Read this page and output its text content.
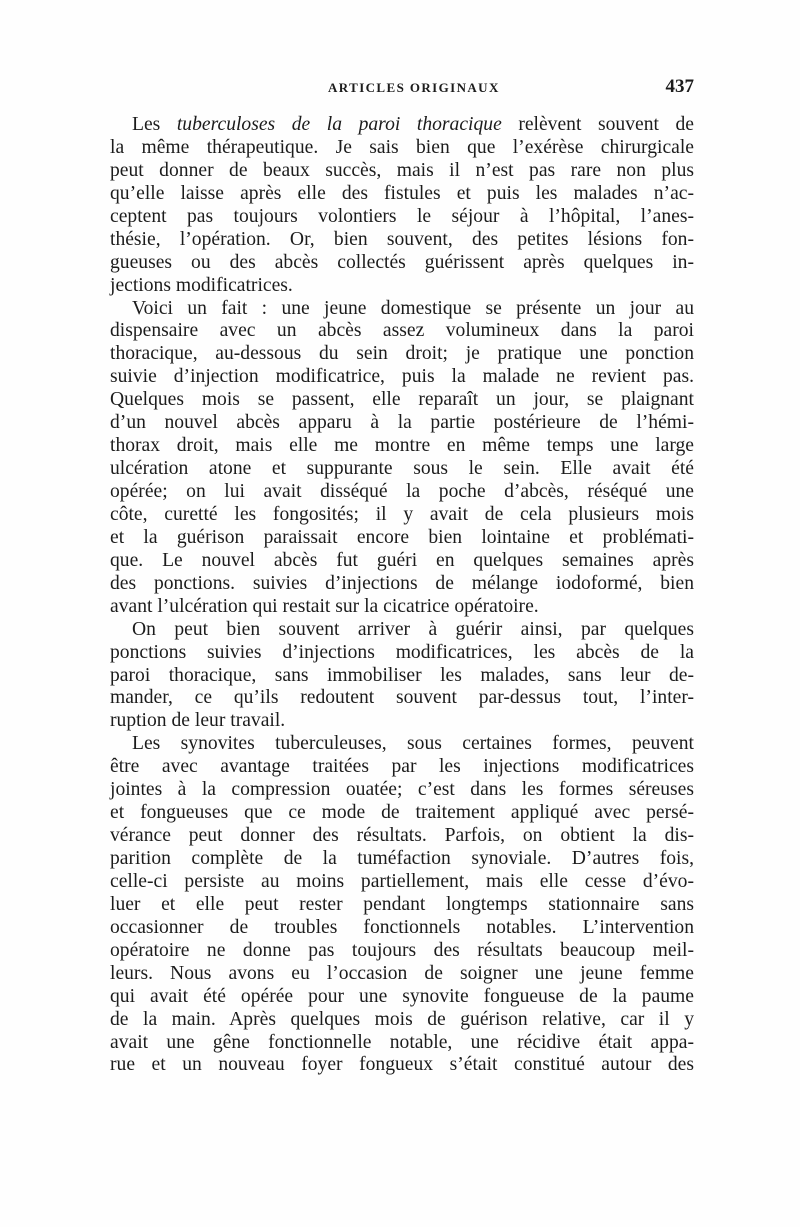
ARTICLES ORIGINAUX	437
Les tuberculoses de la paroi thoracique relèvent souvent de
la même thérapeutique. Je sais bien que l’exérèse chirurgicale
peut donner de beaux succès, mais il n’est pas rare non plus
qu’elle laisse après elle des fistules et puis les malades n’ac-
ceptent pas toujours volontiers le séjour à l’hôpital, l’anes-
thésie, l’opération. Or, bien souvent, des petites lésions fon-
gueuses ou des abcès collectés guérissent après quelques in-
jections modificatrices.
Voici un fait : une jeune domestique se présente un jour au
dispensaire avec un abcès assez volumineux dans la paroi
thoracique, au-dessous du sein droit; je pratique une ponction
suivie d’injection modificatrice, puis la malade ne revient pas.
Quelques mois se passent, elle reparaît un jour, se plaignant
d’un nouvel abcès apparu à la partie postérieure de l’hémi-
thorax droit, mais elle me montre en même temps une large
ulcération atone et suppurante sous le sein. Elle avait été
opérée; on lui avait disséqué la poche d’abcès, réséqué une
côte, curetté les fongosités; il y avait de cela plusieurs mois
et la guérison paraissait encore bien lointaine et problémati-
que. Le nouvel abcès fut guéri en quelques semaines après
des ponctions. suivies d’injections de mélange iodoformé, bien
avant l’ulcération qui restait sur la cicatrice opératoire.
On peut bien souvent arriver à guérir ainsi, par quelques
ponctions suivies d’injections modificatrices, les abcès de la
paroi thoracique, sans immobiliser les malades, sans leur de-
mander, ce qu’ils redoutent souvent par-dessus tout, l’inter-
ruption de leur travail.
Les synovites tuberculeuses, sous certaines formes, peuvent
être avec avantage traitées par les injections modificatrices
jointes à la compression ouatée; c’est dans les formes séreuses
et fongueuses que ce mode de traitement appliqué avec persé-
vérance peut donner des résultats. Parfois, on obtient la dis-
parition complète de la tuméfaction synoviale. D’autres fois,
celle-ci persiste au moins partiellement, mais elle cesse d’évo-
luer et elle peut rester pendant longtemps stationnaire sans
occasionner de troubles fonctionnels notables. L’intervention
opératoire ne donne pas toujours des résultats beaucoup meil-
leurs. Nous avons eu l’occasion de soigner une jeune femme
qui avait été opérée pour une synovite fongueuse de la paume
de la main. Après quelques mois de guérison relative, car il y
avait une gêne fonctionnelle notable, une récidive était appa-
rue et un nouveau foyer fongueux s’était constitué autour des
